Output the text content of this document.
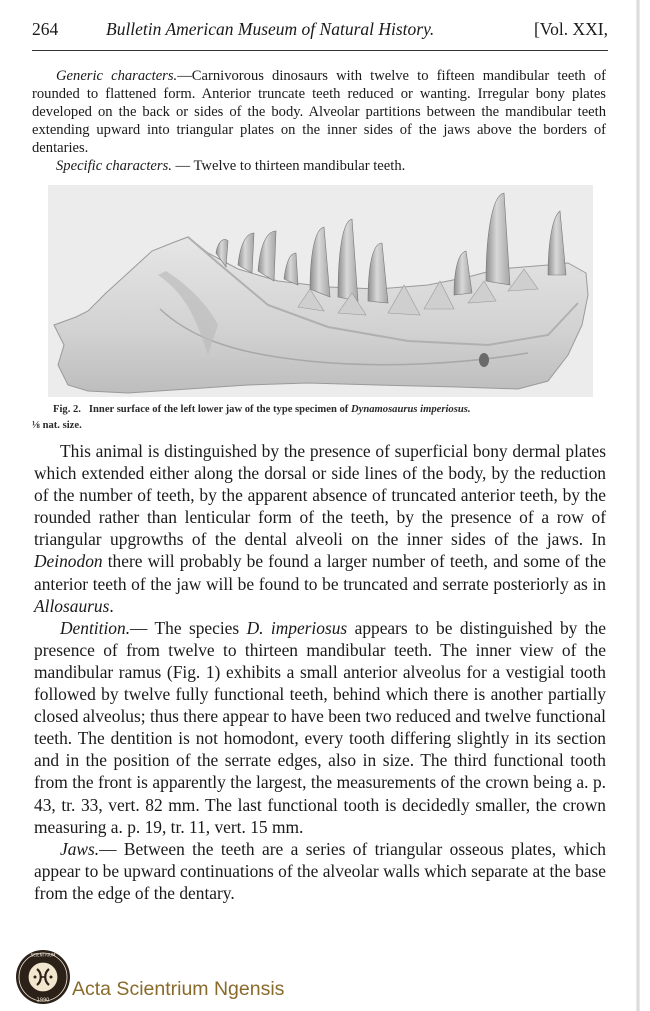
264	Bulletin American Museum of Natural History.	[Vol. XXI,

Generic characters.—Carnivorous dinosaurs with twelve to fifteen mandibular teeth of rounded to flattened form. Anterior truncate teeth reduced or wanting. Irregular bony plates developed on the back or sides of the body. Alveolar partitions between the mandibular teeth extending upward into triangular plates on the inner sides of the jaws above the borders of dentaries.

Specific characters. — Twelve to thirteen mandibular teeth.

Fig. 2. Inner surface of the left lower jaw of the type specimen of Dynamosaurus imperiosus.
⅛ nat. size.

This animal is distinguished by the presence of superficial bony dermal plates which extended either along the dorsal or side lines of the body, by the reduction of the number of teeth, by the apparent absence of truncated anterior teeth, by the rounded rather than lenticular form of the teeth, by the presence of a row of triangular upgrowths of the dental alveoli on the inner sides of the jaws. In Deinodon there will probably be found a larger number of teeth, and some of the anterior teeth of the jaw will be found to be truncated and serrate posteriorly as in Allosaurus.

Dentition.— The species D. imperiosus appears to be distinguished by the presence of from twelve to thirteen mandibular teeth. The inner view of the mandibular ramus (Fig. 1) exhibits a small anterior alveolus for a vestigial tooth followed by twelve fully functional teeth, behind which there is another partially closed alveolus; thus there appear to have been two reduced and twelve functional teeth. The dentition is not homodont, every tooth differing slightly in its section and in the position of the serrate edges, also in size. The third functional tooth from the front is apparently the largest, the measurements of the crown being a. p. 43, tr. 33, vert. 82 mm. The last functional tooth is decidedly smaller, the crown measuring a. p. 19, tr. 11, vert. 15 mm.

Jaws.— Between the teeth are a series of triangular osseous plates, which appear to be upward continuations of the alveolar walls which separate at the base from the edge of the dentary.

1990
SCIENTRIUM
Acta Scientrium Ngensis
